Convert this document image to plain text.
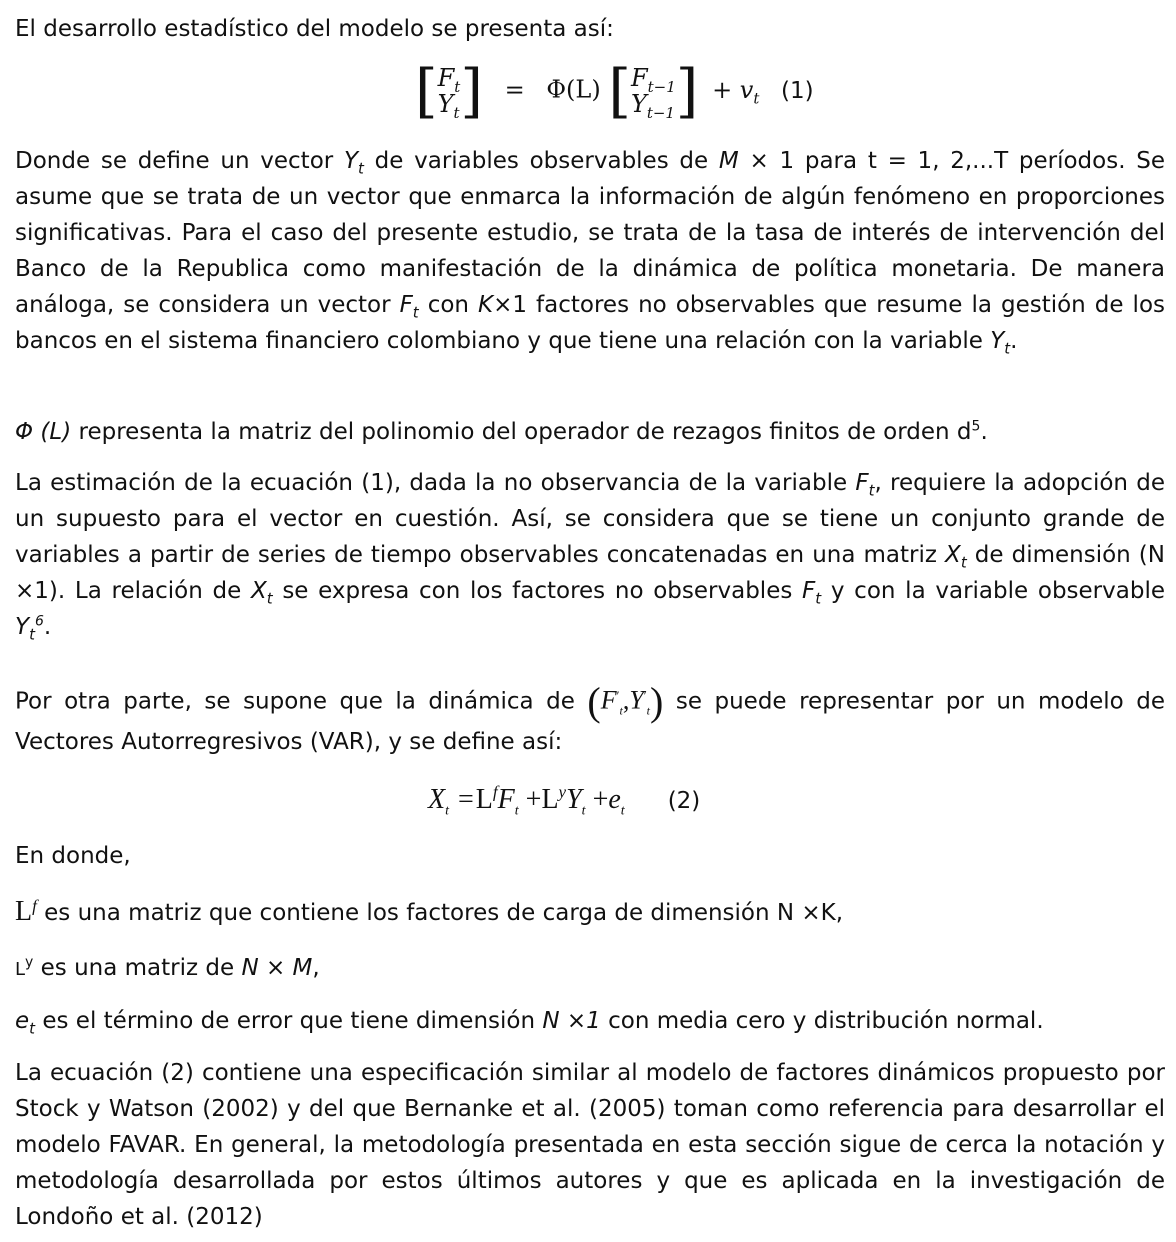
El desarrollo estadístico del modelo se presenta así:

[$F_t$
$Y_t] = \Phi(L)$ [$F_{t-1}$
$Y_{t-1}] + v_t$ (1)

Donde se define un vector $Y_t$ de variables observables de M × 1 para t = 1, 2,...T períodos. Se asume que se trata de un vector que enmarca la información de algún fenómeno en proporciones significativas. Para el caso del presente estudio, se trata de la tasa de interés de intervención del Banco de la Republica como manifestación de la dinámica de política monetaria. De manera análoga, se considera un vector $F_t$ con K×1 factores no observables que resume la gestión de los bancos en el sistema financiero colombiano y que tiene una relación con la variable $Y_t$.

Φ (L) representa la matriz del polinomio del operador de rezagos finitos de orden $d^5$.

La estimación de la ecuación (1), dada la no observancia de la variable $F_t$, requiere la adopción de un supuesto para el vector en cuestión. Así, se considera que se tiene un conjunto grande de variables a partir de series de tiempo observables concatenadas en una matriz $X_t$ de dimensión (N ×1). La relación de $X_t$ se expresa con los factores no observables $F_t$ y con la variable observable $Y_t^6$.

Por otra parte, se supone que la dinámica de $(F'_t,Y'_t)$ se puede representar por un modelo de Vectores Autorregresivos (VAR), y se define así:

$X_t =L^fF_t +L^yY_t +e_t$ (2)

En donde,

$L^f$ es una matriz que contiene los factores de carga de dimensión N ×K,

$L^y$ es una matriz de N × M,

$e_t$ es el término de error que tiene dimensión N ×1 con media cero y distribución normal.

La ecuación (2) contiene una especificación similar al modelo de factores dinámicos propuesto por Stock y Watson (2002) y del que Bernanke et al. (2005) toman como referencia para desarrollar el modelo FAVAR. En general, la metodología presentada en esta sección sigue de cerca la notación y metodología desarrollada por estos últimos autores y que es aplicada en la investigación de Londoño et al. (2012)
